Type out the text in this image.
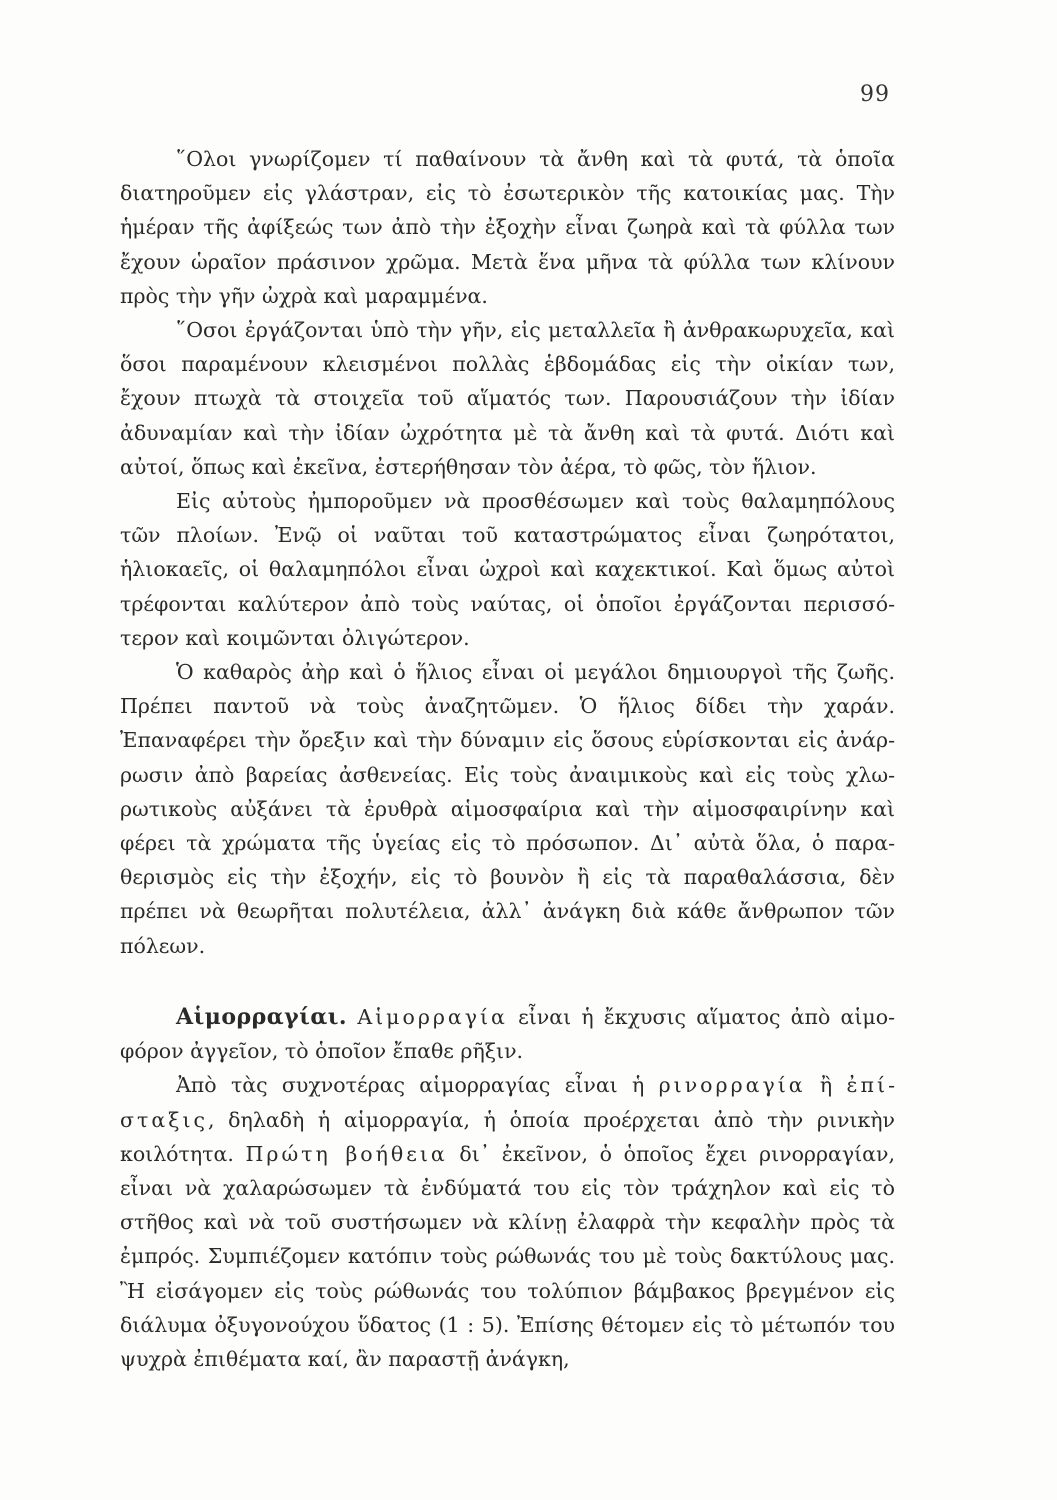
99

῞Ολοι γνωρίζομεν τί παθαίνουν τὰ ἄνθη καὶ τὰ φυτά, τὰ ὁποῖα διατηροῦμεν εἰς γλάστραν, εἰς τὸ ἐσωτερικὸν τῆς κατοικίας μας. Τὴν ἡμέραν τῆς ἀφίξεώς των ἀπὸ τὴν ἐξοχὴν εἶναι ζωηρὰ καὶ τὰ φύλλα των ἔχουν ὡραῖον πράσινον χρῶμα. Μετὰ ἕνα μῆνα τὰ φύλλα των κλίνουν πρὸς τὴν γῆν ὠχρὰ καὶ μαραμμένα.

῞Οσοι ἐργάζονται ὑπὸ τὴν γῆν, εἰς μεταλλεῖα ἢ ἀνθρακωρυχεῖα, καὶ ὅσοι παραμένουν κλεισμένοι πολλὰς ἑβδομάδας εἰς τὴν οἰκίαν των, ἔχουν πτωχὰ τὰ στοιχεῖα τοῦ αἵματός των. Παρουσιάζουν τὴν ἰδίαν ἀδυναμίαν καὶ τὴν ἰδίαν ὠχρότητα μὲ τὰ ἄνθη καὶ τὰ φυτά. Διότι καὶ αὐτοί, ὅπως καὶ ἐκεῖνα, ἐστερήθησαν τὸν ἀέρα, τὸ φῶς, τὸν ἥλιον.

Εἰς αὐτοὺς ἠμποροῦμεν νὰ προσθέσωμεν καὶ τοὺς θαλαμηπόλους τῶν πλοίων. Ἐνῷ οἱ ναῦται τοῦ καταστρώματος εἶναι ζωηρότατοι, ἡλιοκαεῖς, οἱ θαλαμηπόλοι εἶναι ὠχροὶ καὶ καχεκτικοί. Καὶ ὅμως αὐτοὶ τρέφονται καλύτερον ἀπὸ τοὺς ναύτας, οἱ ὁποῖοι ἐργάζονται περισσότερον καὶ κοιμῶνται ὀλιγώτερον.

Ὁ καθαρὸς ἀὴρ καὶ ὁ ἥλιος εἶναι οἱ μεγάλοι δημιουργοὶ τῆς ζωῆς. Πρέπει παντοῦ νὰ τοὺς ἀναζητῶμεν. Ὁ ἥλιος δίδει τὴν χαράν. Ἐπαναφέρει τὴν ὄρεξιν καὶ τὴν δύναμιν εἰς ὅσους εὑρίσκονται εἰς ἀνάρρωσιν ἀπὸ βαρείας ἀσθενείας. Εἰς τοὺς ἀναιμικοὺς καὶ εἰς τοὺς χλωρωτικοὺς αὐξάνει τὰ ἐρυθρὰ αἱμοσφαίρια καὶ τὴν αἱμοσφαιρίνην καὶ φέρει τὰ χρώματα τῆς ὑγείας εἰς τὸ πρόσωπον. Δι᾽ αὐτὰ ὅλα, ὁ παραθερισμὸς εἰς τὴν ἐξοχήν, εἰς τὸ βουνὸν ἢ εἰς τὰ παραθαλάσσια, δὲν πρέπει νὰ θεωρῆται πολυτέλεια, ἀλλ᾽ ἀνάγκη διὰ κάθε ἄνθρωπον τῶν πόλεων.

Αἱμορραγίαι. Αἱμορραγία εἶναι ἡ ἔκχυσις αἵματος ἀπὸ αἱμοφόρον ἀγγεῖον, τὸ ὁποῖον ἔπαθε ρῆξιν.

Ἀπὸ τὰς συχνοτέρας αἱμορραγίας εἶναι ἡ ρινορραγία ἢ ἐπίσταξις, δηλαδὴ ἡ αἱμορραγία, ἡ ὁποία προέρχεται ἀπὸ τὴν ρινικὴν κοιλότητα. Πρώτη βοήθεια δι᾽ ἐκεῖνον, ὁ ὁποῖος ἔχει ρινορραγίαν, εἶναι νὰ χαλαρώσωμεν τὰ ἐνδύματά του εἰς τὸν τράχηλον καὶ εἰς τὸ στῆθος καὶ νὰ τοῦ συστήσωμεν νὰ κλίνῃ ἐλαφρὰ τὴν κεφαλὴν πρὸς τὰ ἐμπρός. Συμπιέζομεν κατόπιν τοὺς ρώθωνάς του μὲ τοὺς δακτύλους μας. Ἢ εἰσάγομεν εἰς τοὺς ρώθωνάς του τολύπιον βάμβακος βρεγμένον εἰς διάλυμα ὀξυγονούχου ὕδατος (1 : 5). Ἐπίσης θέτομεν εἰς τὸ μέτωπόν του ψυχρὰ ἐπιθέματα καί, ἂν παραστῇ ἀνάγκη,
